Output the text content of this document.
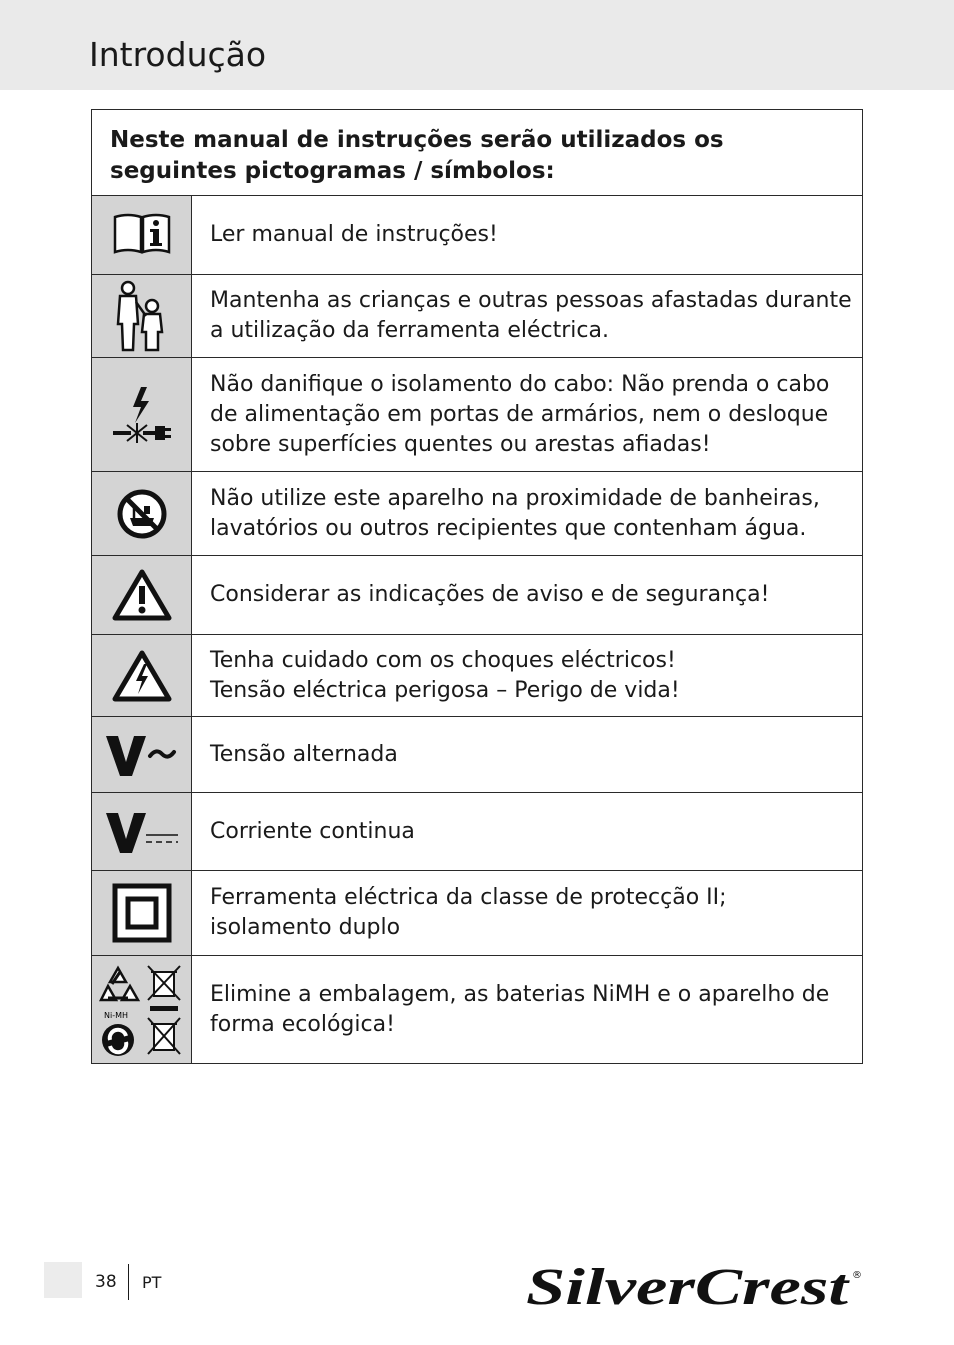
Introdução
Neste manual de instruções serão utilizados os
seguintes pictogramas / símbolos:
Ler manual de instruções!
Mantenha as crianças e outras pessoas afastadas durante
a utilização da ferramenta eléctrica.
Não danifique o isolamento do cabo: Não prenda o cabo
de alimentação em portas de armários, nem o desloque
sobre superfícies quentes ou arestas afiadas!
Não utilize este aparelho na proximidade de banheiras,
lavatórios ou outros recipientes que contenham água.
Considerar as indicações de aviso e de segurança!
Tenha cuidado com os choques eléctricos!
Tensão eléctrica perigosa – Perigo de vida!
Tensão alternada
Corriente continua
Ferramenta eléctrica da classe de protecção II;
isolamento duplo
Ni-MH
Elimine a embalagem, as baterias NiMH e o aparelho de
forma ecológica!
38 PT	SilverCrest ®
